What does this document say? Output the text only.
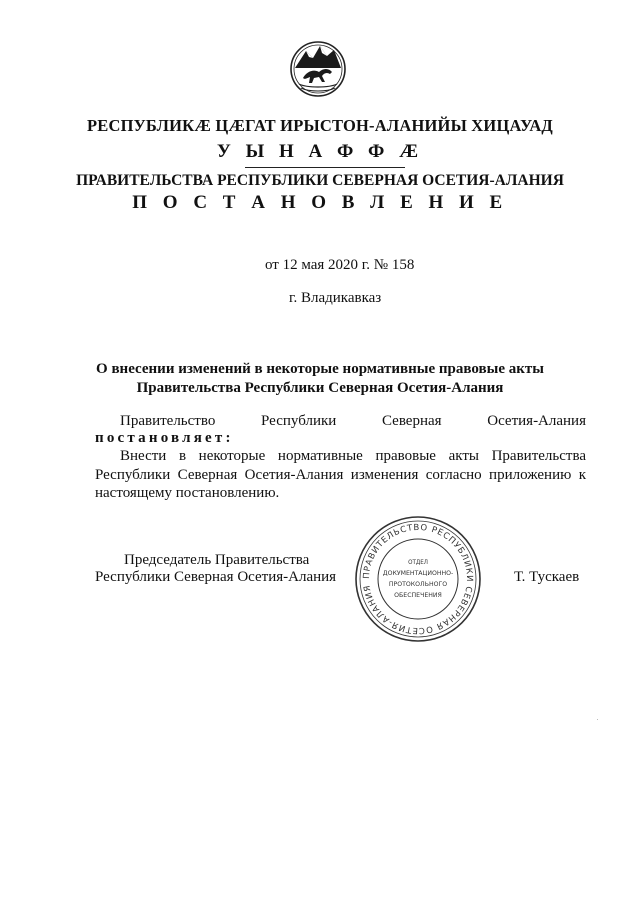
РЕСПУБЛИКӔ ЦӔГАТ ИРЫСТОН-АЛАНИЙЫ ХИЦАУАД
У Ы Н А Ф Ф Ӕ
ПРАВИТЕЛЬСТВА РЕСПУБЛИКИ СЕВЕРНАЯ ОСЕТИЯ-АЛАНИЯ
П О С Т А Н О В Л Е Н И Е
от 12 мая 2020 г. № 158
г. Владикавказ
О внесении изменений в некоторые нормативные правовые акты
Правительства Республики Северная Осетия-Алания
Правительство	Республики	Северная	Осетия-Алания
постановляет:
Внести в некоторые нормативные правовые акты Правительства Республики Северная Осетия-Алания изменения согласно приложению к настоящему постановлению.
Председатель Правительства
Республики Северная Осетия-Алания	Т. Тускаев
ПРАВИТЕЛЬСТВО РЕСПУБЛИКИ СЕВЕРНАЯ ОСЕТИЯ-АЛАНИЯ
ОТДЕЛ
ДОКУМЕНТАЦИОННО-
ПРОТОКОЛЬНОГО
ОБЕСПЕЧЕНИЯ
